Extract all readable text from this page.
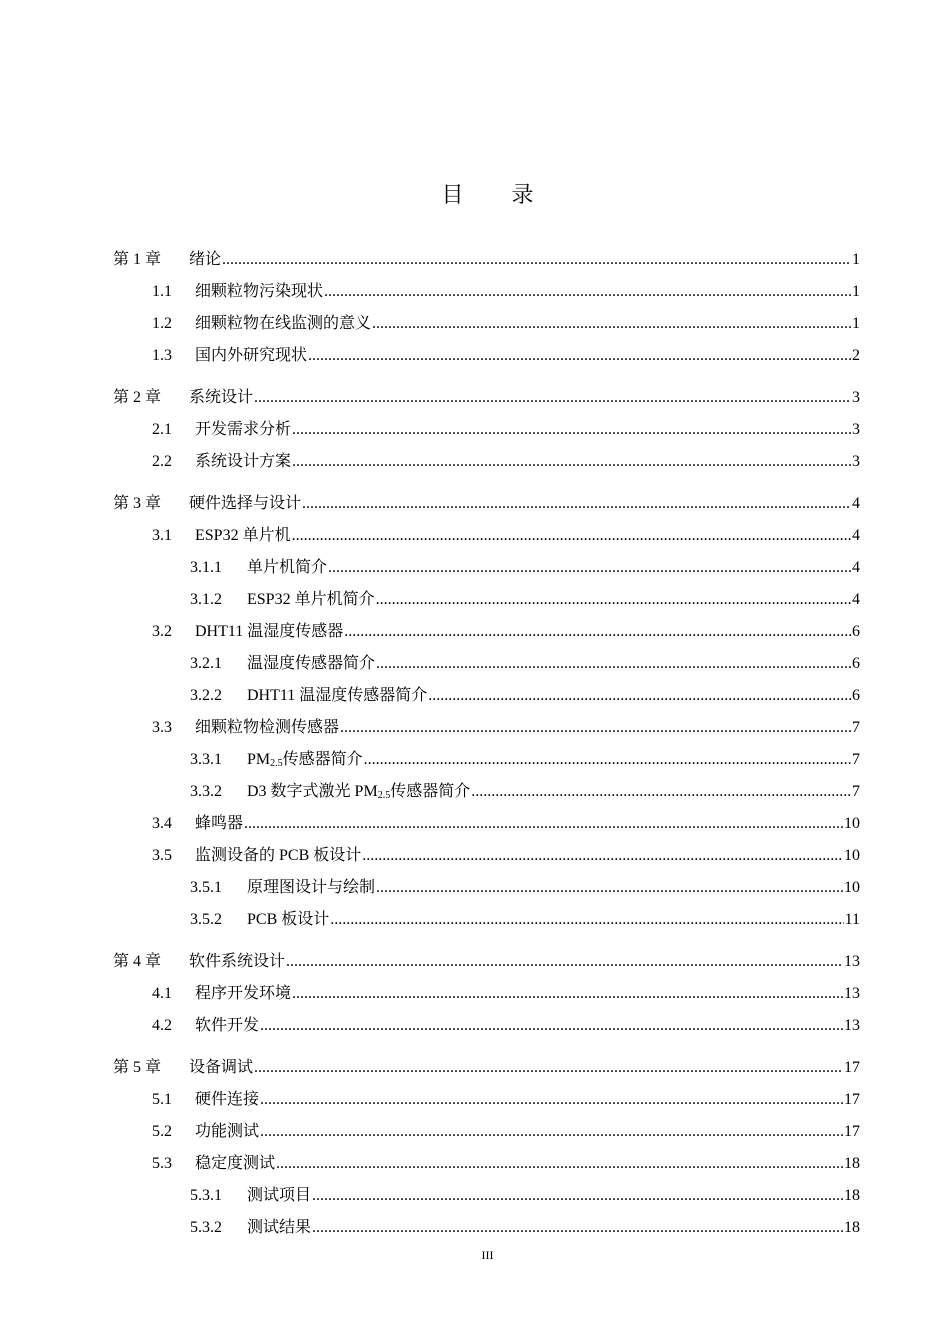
目 录
第 1 章	绪论 .....	1
1.1	细颗粒物污染现状 .....	1
1.2	细颗粒物在线监测的意义 .....	1
1.3	国内外研究现状 .....	2
第 2 章	系统设计 .....	3
2.1	开发需求分析 .....	3
2.2	系统设计方案 .....	3
第 3 章	硬件选择与设计 .....	4
3.1	ESP32 单片机 .....	4
3.1.1	单片机简介 .....	4
3.1.2	ESP32 单片机简介 .....	4
3.2	DHT11 温湿度传感器 .....	6
3.2.1	温湿度传感器简介 .....	6
3.2.2	DHT11 温湿度传感器简介 .....	6
3.3	细颗粒物检测传感器 .....	7
3.3.1	$PM_{2.5}$传感器简介 .....	7
3.3.2	D3 数字式激光 $PM_{2.5}$传感器简介 .....	7
3.4	蜂鸣器 .....	10
3.5	监测设备的 PCB 板设计 .....	10
3.5.1	原理图设计与绘制 .....	10
3.5.2	PCB 板设计 .....	11
第 4 章	软件系统设计 .....	13
4.1	程序开发环境 .....	13
4.2	软件开发 .....	13
第 5 章	设备调试 .....	17
5.1	硬件连接 .....	17
5.2	功能测试 .....	17
5.3	稳定度测试 .....	18
5.3.1	测试项目 .....	18
5.3.2	测试结果 .....	18
III
